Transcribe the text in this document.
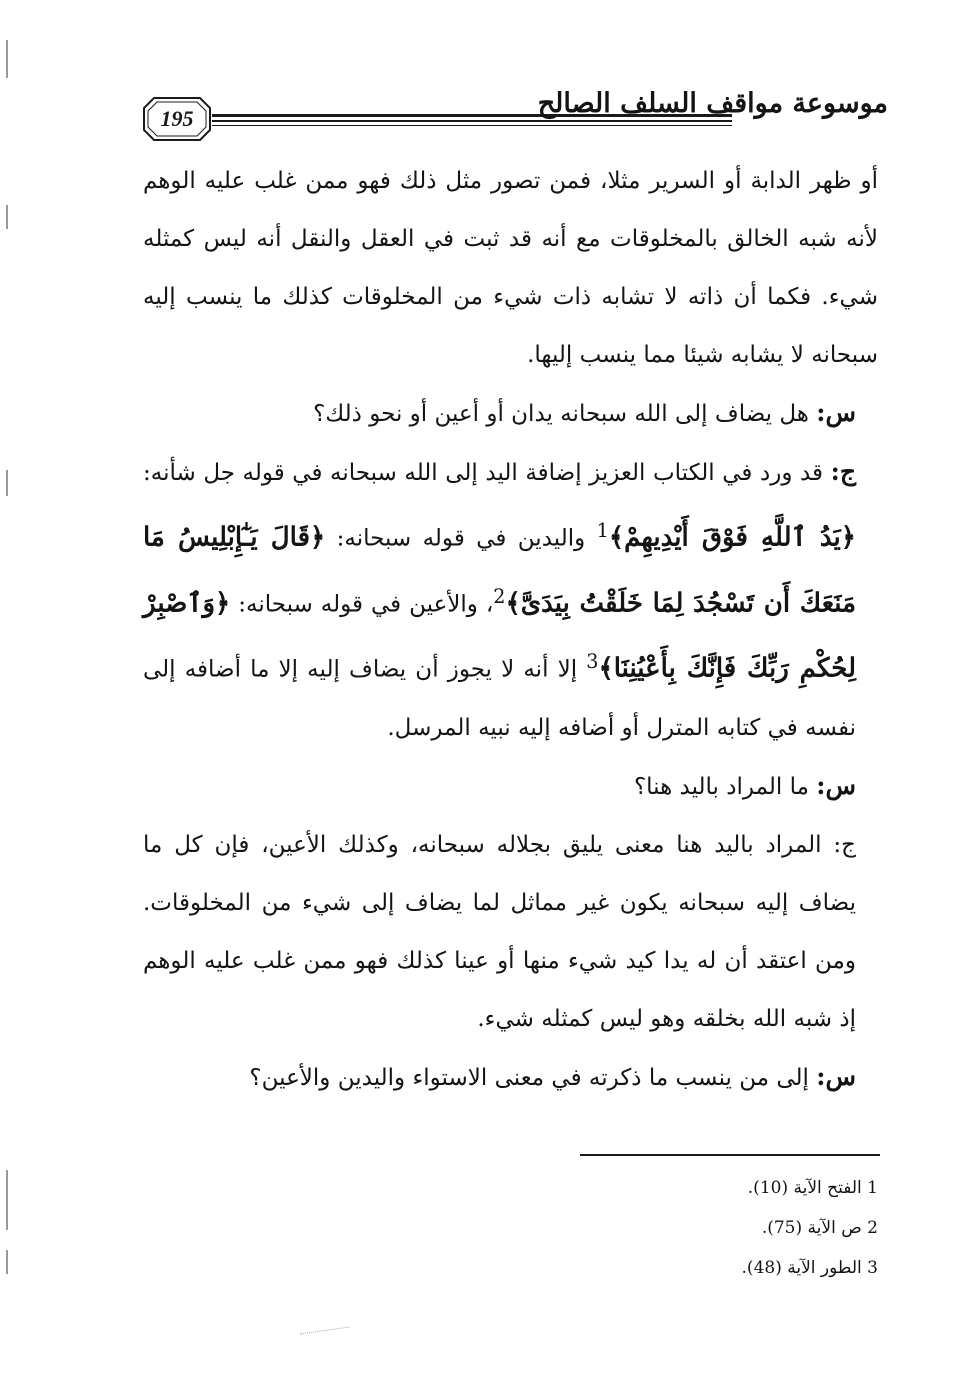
195	موسوعة مواقف السلف الصالح

أو ظهر الدابة أو السرير مثلا، فمن تصور مثل ذلك فهو ممن غلب عليه الوهم لأنه شبه الخالق بالمخلوقات مع أنه قد ثبت في العقل والنقل أنه ليس كمثله شيء. فكما أن ذاته لا تشابه ذات شيء من المخلوقات كذلك ما ينسب إليه سبحانه لا يشابه شيئا مما ينسب إليها.

س: هل يضاف إلى الله سبحانه يدان أو أعين أو نحو ذلك؟

ج: قد ورد في الكتاب العزيز إضافة اليد إلى الله سبحانه في قوله جل شأنه: ﴿يَدُ ٱللَّهِ فَوْقَ أَيْدِيهِمْ﴾$^1$ واليدين في قوله سبحانه: ﴿قَالَ يَـٰٓإِبْلِيسُ مَا مَنَعَكَ أَن تَسْجُدَ لِمَا خَلَقْتُ بِيَدَىَّ﴾$^2$، والأعين في قوله سبحانه: ﴿وَٱصْبِرْ لِحُكْمِ رَبِّكَ فَإِنَّكَ بِأَعْيُنِنَا﴾$^3$ إلا أنه لا يجوز أن يضاف إليه إلا ما أضافه إلى نفسه في كتابه المترل أو أضافه إليه نبيه المرسل.

س: ما المراد باليد هنا؟

ج: المراد باليد هنا معنى يليق بجلاله سبحانه، وكذلك الأعين، فإن كل ما يضاف إليه سبحانه يكون غير مماثل لما يضاف إلى شيء من المخلوقات. ومن اعتقد أن له يدا كيد شيء منها أو عينا كذلك فهو ممن غلب عليه الوهم إذ شبه الله بخلقه وهو ليس كمثله شيء.

س: إلى من ينسب ما ذكرته في معنى الاستواء واليدين والأعين؟

1 الفتح الآية (10).
2 ص الآية (75).
3 الطور الآية (48).
